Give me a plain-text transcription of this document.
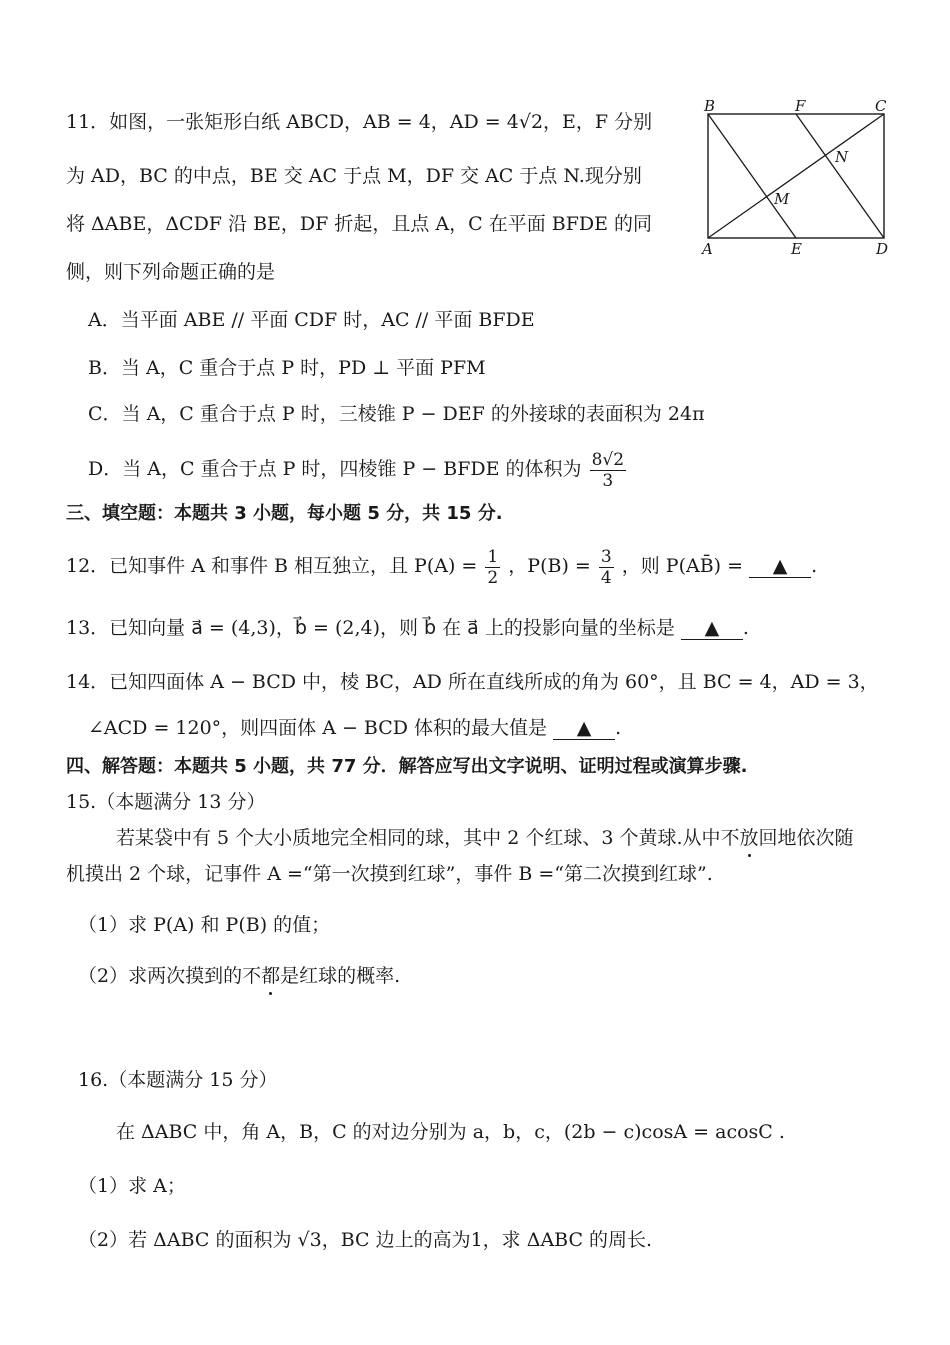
11．如图，一张矩形白纸 ABCD，AB = 4，AD = 4√2，E，F 分别
为 AD，BC 的中点，BE 交 AC 于点 M，DF 交 AC 于点 N.现分别
将 ΔABE，ΔCDF 沿 BE，DF 折起，且点 A，C 在平面 BFDE 的同
侧，则下列命题正确的是
B	F	C
N
M
A	E	D
A．当平面 ABE // 平面 CDF 时，AC // 平面 BFDE
B．当 A，C 重合于点 P 时，PD ⊥ 平面 PFM
C．当 A，C 重合于点 P 时，三棱锥 P − DEF 的外接球的表面积为 24π
D．当 A，C 重合于点 P 时，四棱锥 P − BFDE 的体积为 $\frac{8√2}{3}$
三、填空题：本题共 3 小题，每小题 5 分，共 15 分.
12．已知事件 A 和事件 B 相互独立，且 $P(A) = \frac{1}{2}$ ，$P(B) = \frac{3}{4}$ ，则 P(AB̄) = ▲ .
13．已知向量 a⃗ = (4,3)，b⃗ = (2,4)，则 b⃗ 在 a⃗ 上的投影向量的坐标是 ▲ .
14．已知四面体 A − BCD 中，棱 BC，AD 所在直线所成的角为 60°，且 BC = 4，AD = 3，
∠ACD = 120°，则四面体 A − BCD 体积的最大值是 ▲ .
四、解答题：本题共 5 小题，共 77 分．解答应写出文字说明、证明过程或演算步骤.
15.（本题满分 13 分）
若某袋中有 5 个大小质地完全相同的球，其中 2 个红球、3 个黄球.从中不放回地依次随
机摸出 2 个球，记事件 A =“第一次摸到红球”，事件 B =“第二次摸到红球”.
（1）求 P(A) 和 P(B) 的值；
（2）求两次摸到的不都是红球的概率.
16.（本题满分 15 分）
在 ΔABC 中，角 A，B，C 的对边分别为 a，b，c，(2b − c)cosA = acosC .
（1）求 A；
（2）若 ΔABC 的面积为 √3，BC 边上的高为1，求 ΔABC 的周长.
